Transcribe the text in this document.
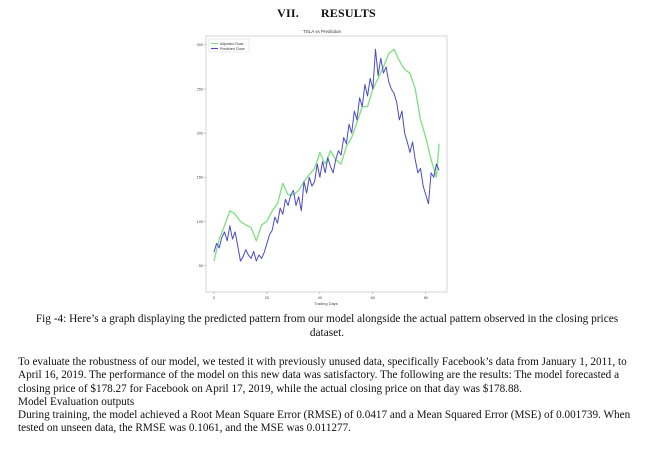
VII. RESULTS
TSLA vs Prediction
50
100
150
200
250
300
0	20	40	60	80
Adjusted Close
Predicted Close
Trading Days
Fig -4: Here’s a graph displaying the predicted pattern from our model alongside the actual pattern observed in the closing prices dataset.

To evaluate the robustness of our model, we tested it with previously unused data, specifically Facebook’s data from January 1, 2011, to April 16, 2019. The performance of the model on this new data was satisfactory. The following are the results: The model forecasted a closing price of $178.27 for Facebook on April 17, 2019, while the actual closing price on that day was $178.88.

Model Evaluation outputs

During training, the model achieved a Root Mean Square Error (RMSE) of 0.0417 and a Mean Squared Error (MSE) of 0.001739. When tested on unseen data, the RMSE was 0.1061, and the MSE was 0.011277.
